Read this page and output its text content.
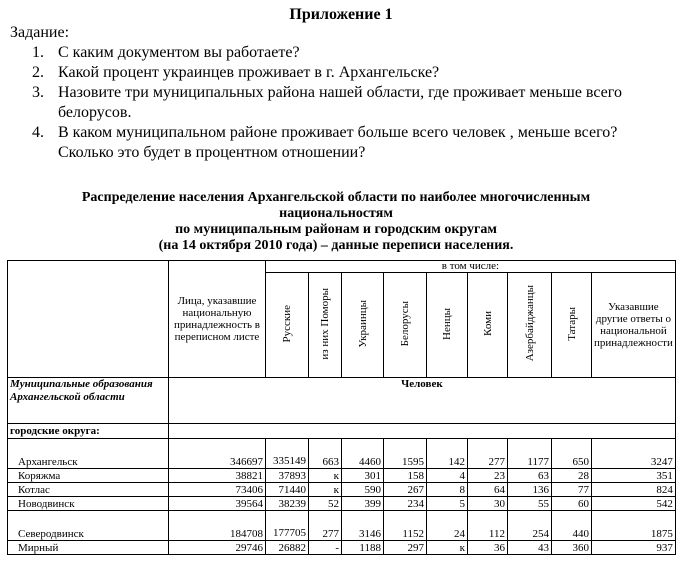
Приложение 1
Задание:
1. С каким документом вы работаете?
2. Какой процент украинцев проживает в г. Архангельске?
3. Назовите три муниципальных района нашей области, где проживает меньше всего белорусов.
4. В каком муниципальном районе проживает больше всего человек , меньше всего? Сколько это будет в процентном отношении?
Распределение населения Архангельской области по наиболее многочисленным
национальностям
по муниципальным районам и городским округам
(на 14 октября 2010 года) – данные переписи населения.
	Лица, указавшие национальную принадлежность в переписном листе	в том числе:								
		Русские	из них Поморы	Украинцы	Белорусы	Ненцы	Коми	Азербайджанцы	Татары	Указавшие другие ответы о национальной принадлежности
Муниципальные образования Архангельской области	Человек									
городские округа:										
Архангельск	346697	335149	663	4460	1595	142	277	1177	650	3247
Коряжма	38821	37893	к	301	158	4	23	63	28	351
Котлас	73406	71440	к	590	267	8	64	136	77	824
Новодвинск	39564	38239	52	399	234	5	30	55	60	542
Северодвинск	184708	177705	277	3146	1152	24	112	254	440	1875
Мирный	29746	26882	-	1188	297	к	36	43	360	937
